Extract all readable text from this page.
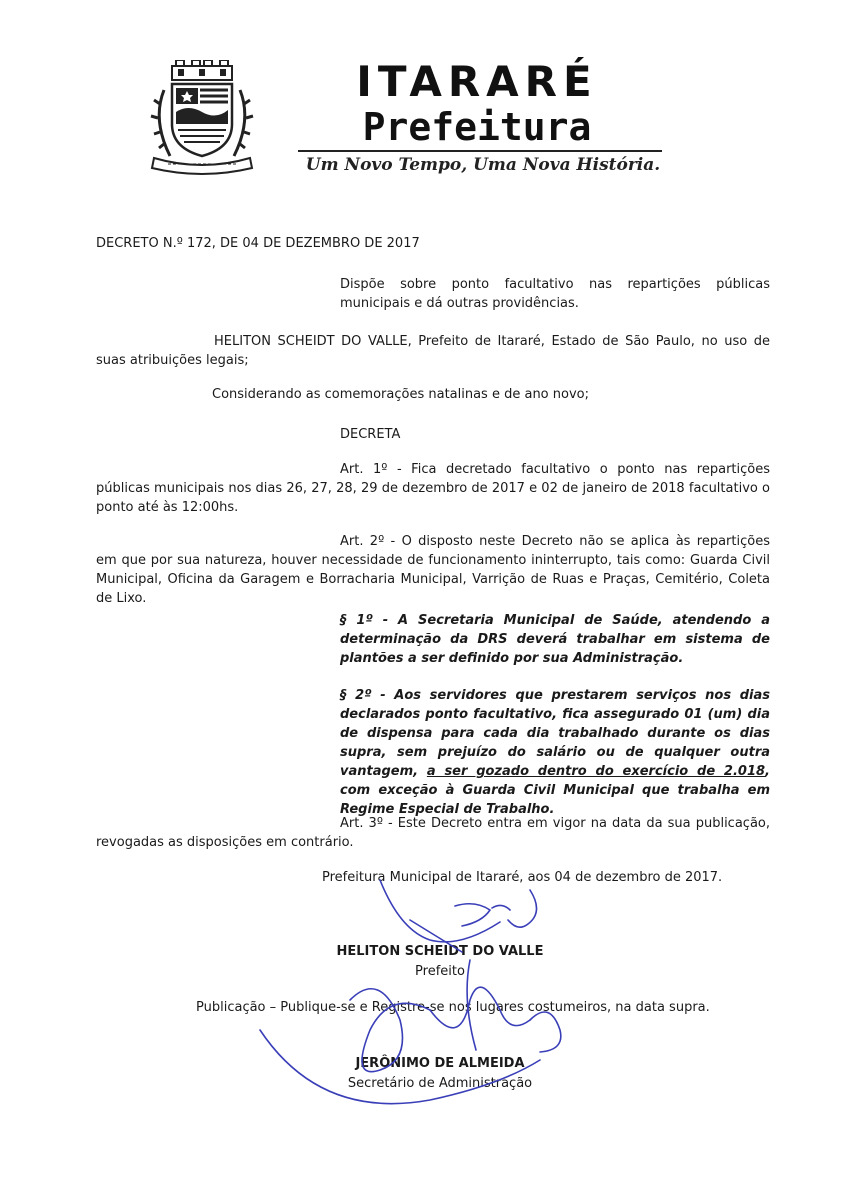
ITARARÉ
Prefeitura
Um Novo Tempo, Uma Nova História.
DECRETO N.º 172, DE 04 DE DEZEMBRO DE 2017
Dispõe sobre ponto facultativo nas repartições públicas municipais e dá outras providências.
HELITON SCHEIDT DO VALLE, Prefeito de Itararé, Estado de São Paulo, no uso de suas atribuições legais;
Considerando as comemorações natalinas e de ano novo;
DECRETA
Art. 1º - Fica decretado facultativo o ponto nas repartições públicas municipais nos dias 26, 27, 28, 29 de dezembro de 2017 e 02 de janeiro de 2018 facultativo o ponto até às 12:00hs.
Art. 2º - O disposto neste Decreto não se aplica às repartições em que por sua natureza, houver necessidade de funcionamento ininterrupto, tais como: Guarda Civil Municipal, Oficina da Garagem e Borracharia Municipal, Varrição de Ruas e Praças, Cemitério, Coleta de Lixo.
§ 1º - A Secretaria Municipal de Saúde, atendendo a determinação da DRS deverá trabalhar em sistema de plantões a ser definido por sua Administração.
§ 2º - Aos servidores que prestarem serviços nos dias declarados ponto facultativo, fica assegurado 01 (um) dia de dispensa para cada dia trabalhado durante os dias supra, sem prejuízo do salário ou de qualquer outra vantagem, a ser gozado dentro do exercício de 2.018, com exceção à Guarda Civil Municipal que trabalha em Regime Especial de Trabalho.
Art. 3º - Este Decreto entra em vigor na data da sua publicação, revogadas as disposições em contrário.
Prefeitura Municipal de Itararé, aos 04 de dezembro de 2017.
HELITON SCHEIDT DO VALLE
Prefeito
Publicação – Publique-se e Registre-se nos lugares costumeiros, na data supra.
JERÔNIMO DE ALMEIDA
Secretário de Administração
